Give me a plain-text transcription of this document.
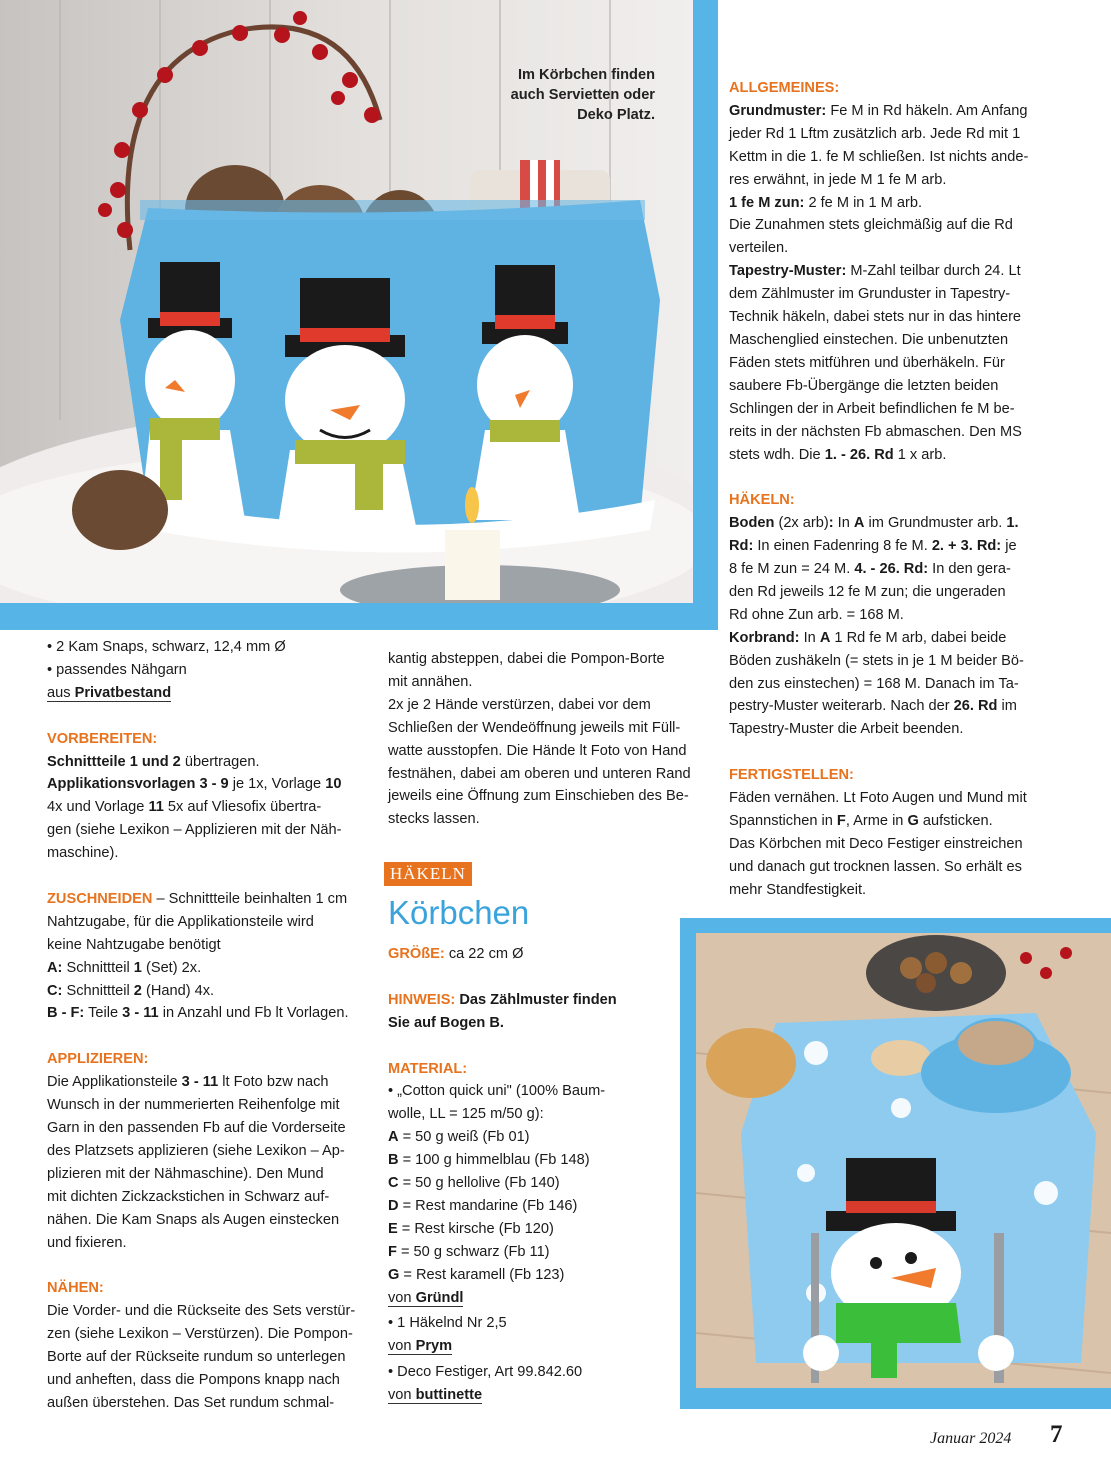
Im Körbchen finden
auch Servietten oder
Deko Platz.

• 2 Kam Snaps, schwarz, 12,4 mm Ø

• passendes Nähgarn

aus Privatbestand

VORBEREITEN:

Schnittteile 1 und 2 übertragen.

Applikationsvorlagen 3 - 9 je 1x, Vorlage 10

4x und Vorlage 11 5x auf Vliesofix übertra-

gen (siehe Lexikon – Applizieren mit der Näh-

maschine).

ZUSCHNEIDEN – Schnittteile beinhalten 1 cm

Nahtzugabe, für die Applikationsteile wird

keine Nahtzugabe benötigt

A: Schnittteil 1 (Set) 2x.

C: Schnittteil 2 (Hand) 4x.

B - F: Teile 3 - 11 in Anzahl und Fb lt Vorlagen.

APPLIZIEREN:

Die Applikationsteile 3 - 11 lt Foto bzw nach

Wunsch in der nummerierten Reihenfolge mit

Garn in den passenden Fb auf die Vorderseite

des Platzsets applizieren (siehe Lexikon – Ap-

plizieren mit der Nähmaschine). Den Mund

mit dichten Zickzackstichen in Schwarz auf-

nähen. Die Kam Snaps als Augen einstecken

und fixieren.

NÄHEN:

Die Vorder- und die Rückseite des Sets verstür-

zen (siehe Lexikon – Verstürzen). Die Pompon-

Borte auf der Rückseite rundum so unterlegen

und anheften, dass die Pompons knapp nach

außen überstehen. Das Set rundum schmal-

kantig absteppen, dabei die Pompon-Borte

mit annähen.

2x je 2 Hände verstürzen, dabei vor dem

Schließen der Wendeöffnung jeweils mit Füll-

watte ausstopfen. Die Hände lt Foto von Hand

festnähen, dabei am oberen und unteren Rand

jeweils eine Öffnung zum Einschieben des Be-

stecks lassen.

HÄKELN
Körbchen

GRÖßE: ca 22 cm Ø

HINWEIS: Das Zählmuster finden

Sie auf Bogen B.

MATERIAL:

• „Cotton quick uni" (100% Baum-

wolle, LL = 125 m/50 g):

A = 50 g weiß (Fb 01)

B = 100 g himmelblau (Fb 148)

C = 50 g hellolive (Fb 140)

D = Rest mandarine (Fb 146)

E = Rest kirsche (Fb 120)

F = 50 g schwarz (Fb 11)

G = Rest karamell (Fb 123)

von Gründl

• 1 Häkelnd Nr 2,5

von Prym

• Deco Festiger, Art 99.842.60

von buttinette

ALLGEMEINES:

Grundmuster: Fe M in Rd häkeln. Am Anfang

jeder Rd 1 Lftm zusätzlich arb. Jede Rd mit 1

Kettm in die 1. fe M schließen. Ist nichts ande-

res erwähnt, in jede M 1 fe M arb.

1 fe M zun: 2 fe M in 1 M arb.

Die Zunahmen stets gleichmäßig auf die Rd

verteilen.

Tapestry-Muster: M-Zahl teilbar durch 24. Lt

dem Zählmuster im Grunduster in Tapestry-

Technik häkeln, dabei stets nur in das hintere

Maschenglied einstechen. Die unbenutzten

Fäden stets mitführen und überhäkeln. Für

saubere Fb-Übergänge die letzten beiden

Schlingen der in Arbeit befindlichen fe M be-

reits in der nächsten Fb abmaschen. Den MS

stets wdh. Die 1. - 26. Rd 1 x arb.

HÄKELN:

Boden (2x arb): In A im Grundmuster arb. 1.

Rd: In einen Fadenring 8 fe M. 2. + 3. Rd: je

8 fe M zun = 24 M. 4. - 26. Rd: In den gera-

den Rd jeweils 12 fe M zun; die ungeraden

Rd ohne Zun arb. = 168 M.

Korbrand: In A 1 Rd fe M arb, dabei beide

Böden zushäkeln (= stets in je 1 M beider Bö-

den zus einstechen) = 168 M. Danach im Ta-

pestry-Muster weiterarb. Nach der 26. Rd im

Tapestry-Muster die Arbeit beenden.

FERTIGSTELLEN:

Fäden vernähen. Lt Foto Augen und Mund mit

Spannstichen in F, Arme in G aufsticken.

Das Körbchen mit Deco Festiger einstreichen

und danach gut trocknen lassen. So erhält es

mehr Standfestigkeit.

Januar 2024 7
